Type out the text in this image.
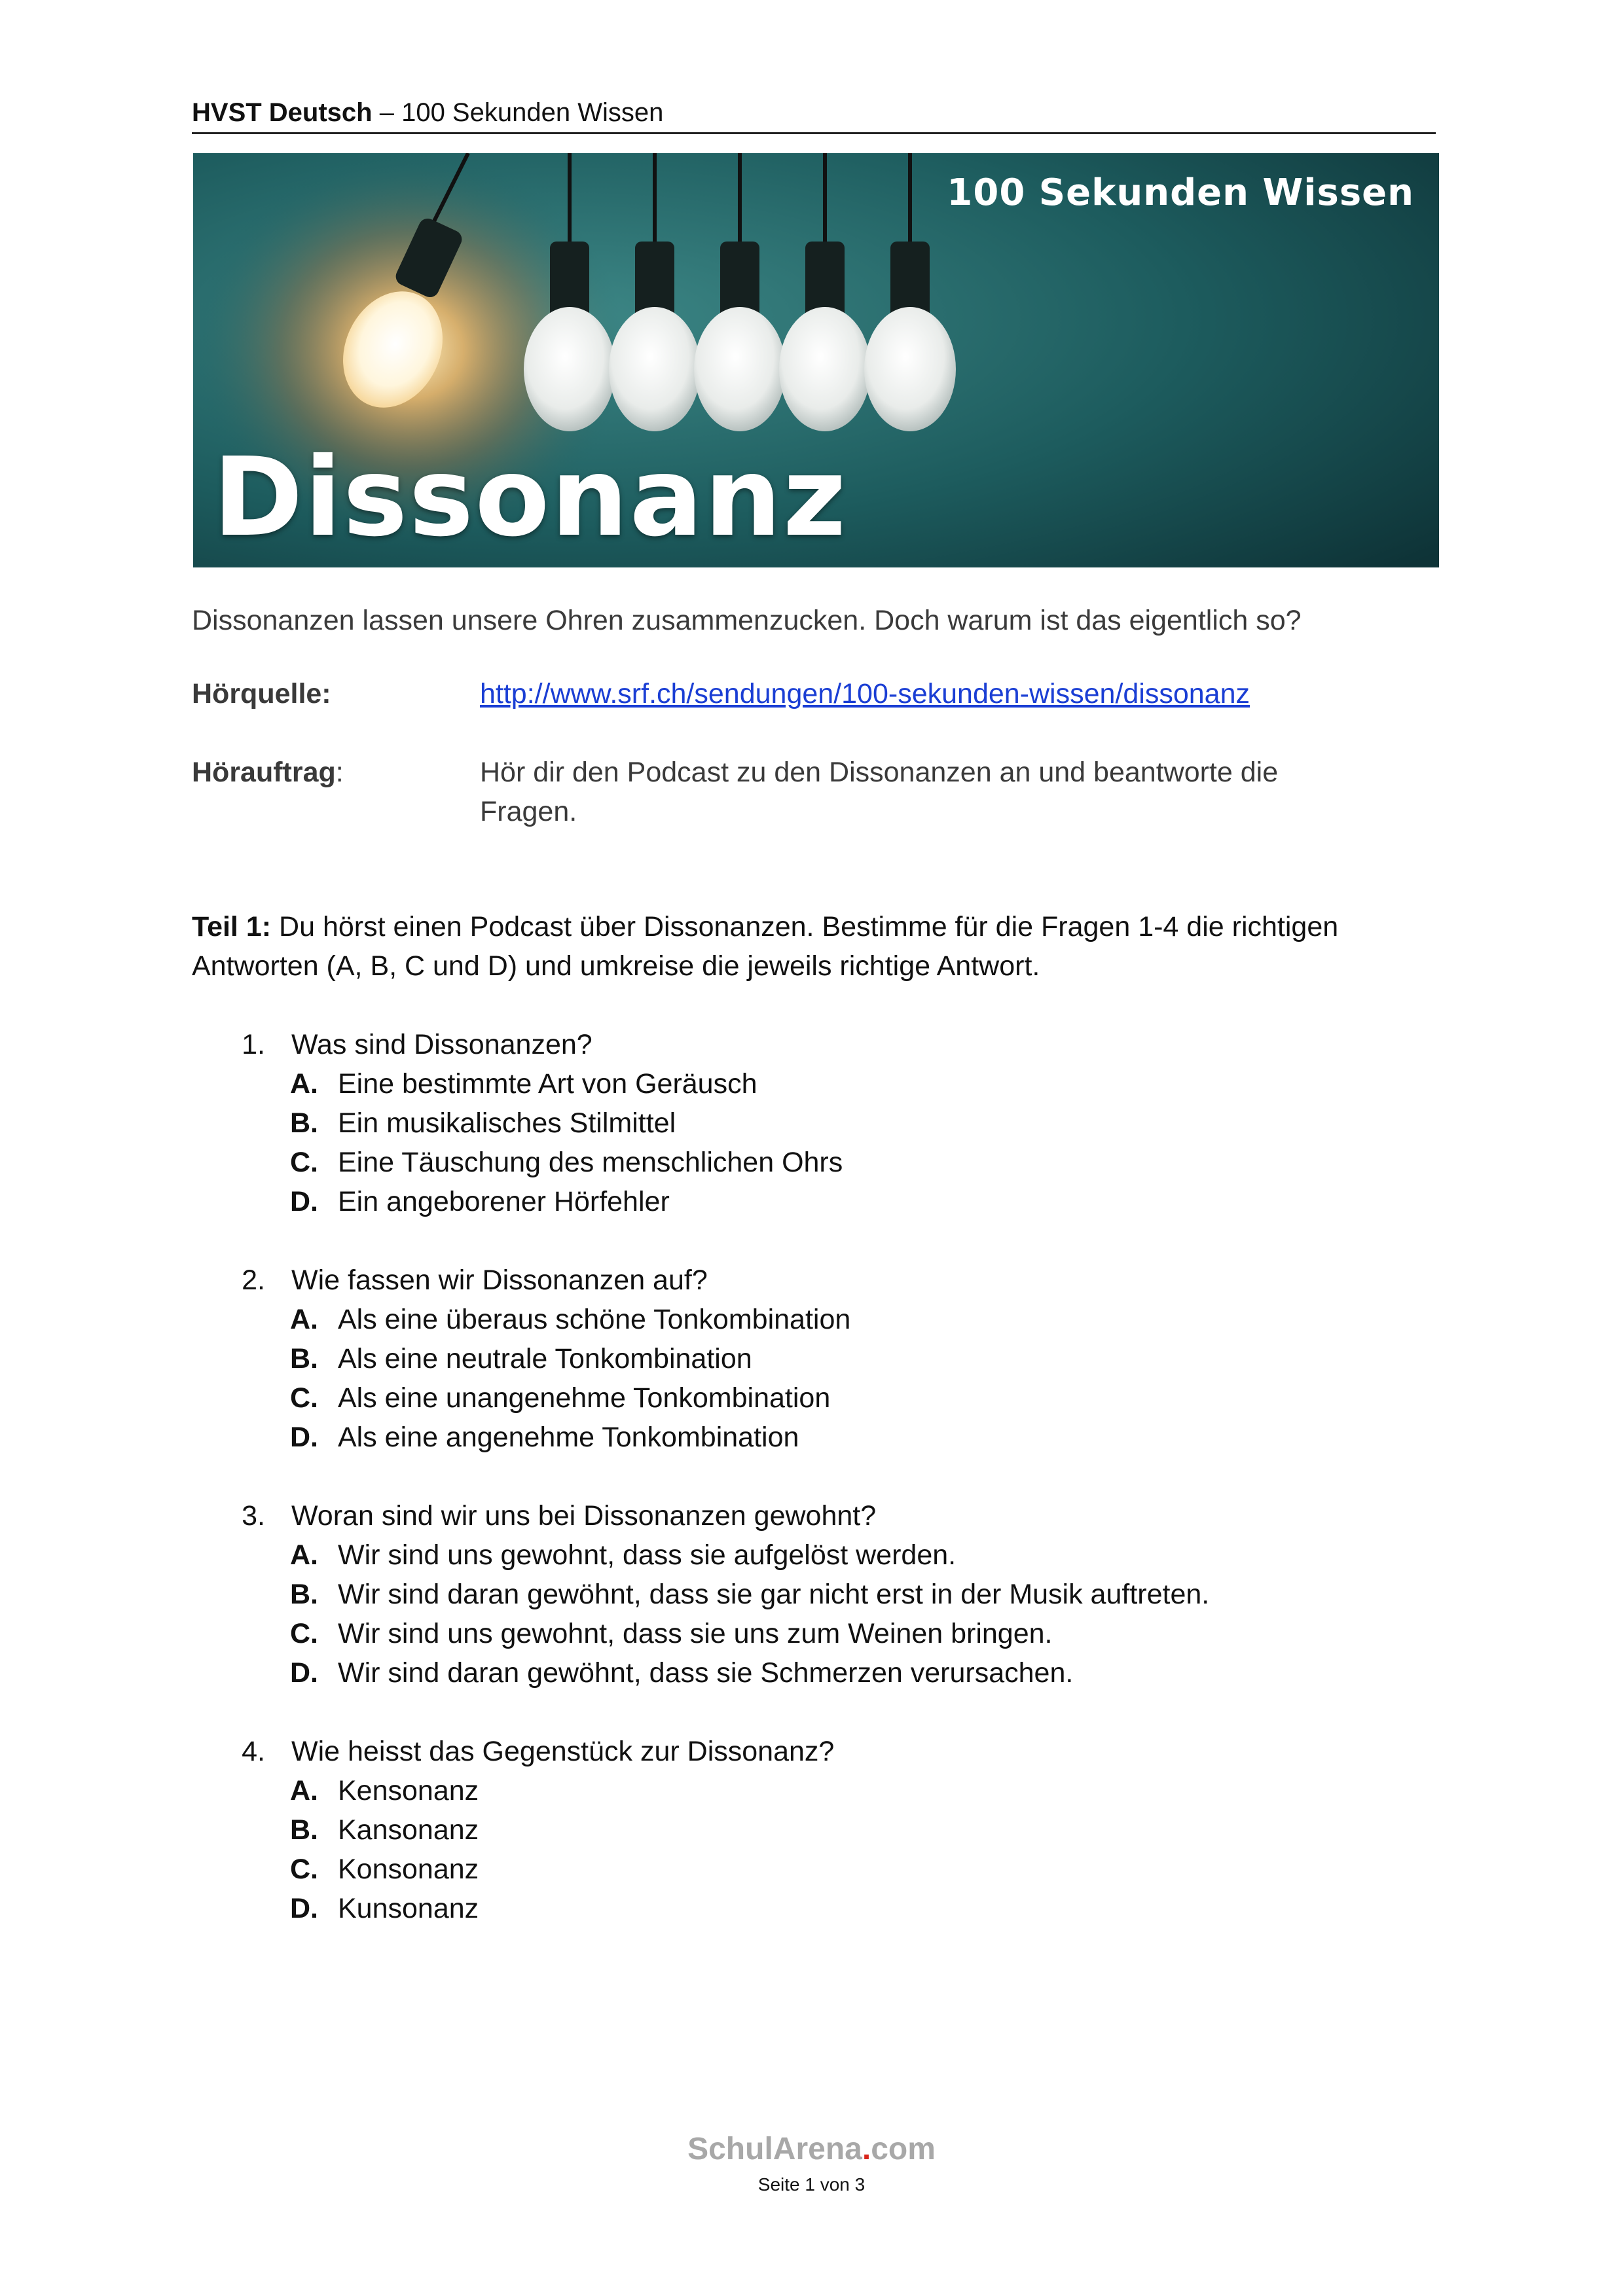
HVST Deutsch – 100 Sekunden Wissen
100 Sekunden Wissen
Dissonanz
Dissonanzen lassen unsere Ohren zusammenzucken. Doch warum ist das eigentlich so?
Hörquelle:	http://www.srf.ch/sendungen/100-sekunden-wissen/dissonanz
Hörauftrag:	Hör dir den Podcast zu den Dissonanzen an und beantworte die
Fragen.
Teil 1: Du hörst einen Podcast über Dissonanzen. Bestimme für die Fragen 1-4 die richtigen
Antworten (A, B, C und D) und umkreise die jeweils richtige Antwort.
1. Was sind Dissonanzen?
A. Eine bestimmte Art von Geräusch
B. Ein musikalisches Stilmittel
C. Eine Täuschung des menschlichen Ohrs
D. Ein angeborener Hörfehler
2. Wie fassen wir Dissonanzen auf?
A. Als eine überaus schöne Tonkombination
B. Als eine neutrale Tonkombination
C. Als eine unangenehme Tonkombination
D. Als eine angenehme Tonkombination
3. Woran sind wir uns bei Dissonanzen gewohnt?
A. Wir sind uns gewohnt, dass sie aufgelöst werden.
B. Wir sind daran gewöhnt, dass sie gar nicht erst in der Musik auftreten.
C. Wir sind uns gewohnt, dass sie uns zum Weinen bringen.
D. Wir sind daran gewöhnt, dass sie Schmerzen verursachen.
4. Wie heisst das Gegenstück zur Dissonanz?
A. Kensonanz
B. Kansonanz
C. Konsonanz
D. Kunsonanz
SchulArena.com
Seite 1 von 3
